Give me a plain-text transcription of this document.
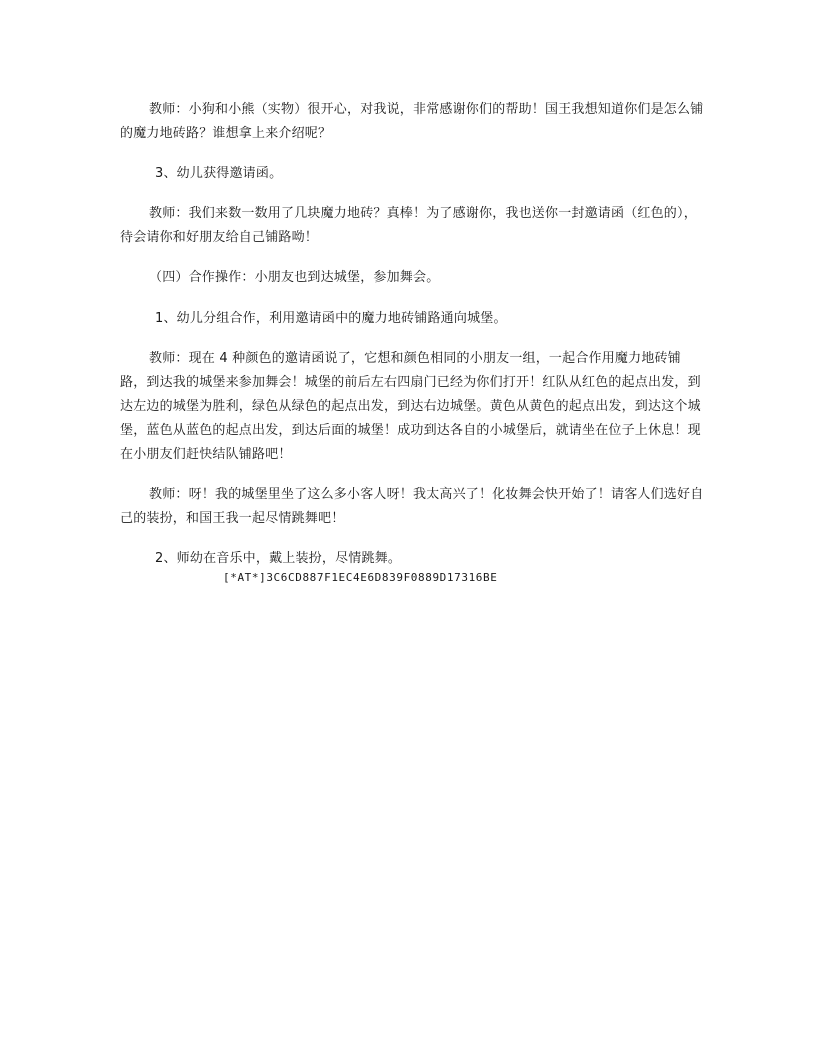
教师：小狗和小熊（实物）很开心，对我说，非常感谢你们的帮助！国王我想知道你们是怎么铺的魔力地砖路？谁想拿上来介绍呢？

3、幼儿获得邀请函。

教师：我们来数一数用了几块魔力地砖？真棒！为了感谢你，我也送你一封邀请函（红色的），待会请你和好朋友给自己铺路呦！

（四）合作操作：小朋友也到达城堡，参加舞会。

1、幼儿分组合作，利用邀请函中的魔力地砖铺路通向城堡。

教师：现在 4 种颜色的邀请函说了，它想和颜色相同的小朋友一组，一起合作用魔力地砖铺路，到达我的城堡来参加舞会！城堡的前后左右四扇门已经为你们打开！红队从红色的起点出发，到达左边的城堡为胜利，绿色从绿色的起点出发，到达右边城堡。黄色从黄色的起点出发，到达这个城堡，蓝色从蓝色的起点出发，到达后面的城堡！成功到达各自的小城堡后，就请坐在位子上休息！现在小朋友们赶快结队铺路吧！

教师：呀！我的城堡里坐了这么多小客人呀！我太高兴了！化妆舞会快开始了！请客人们选好自己的装扮，和国王我一起尽情跳舞吧！

2、师幼在音乐中，戴上装扮，尽情跳舞。

[*AT*]3C6CD887F1EC4E6D839F0889D17316BE
